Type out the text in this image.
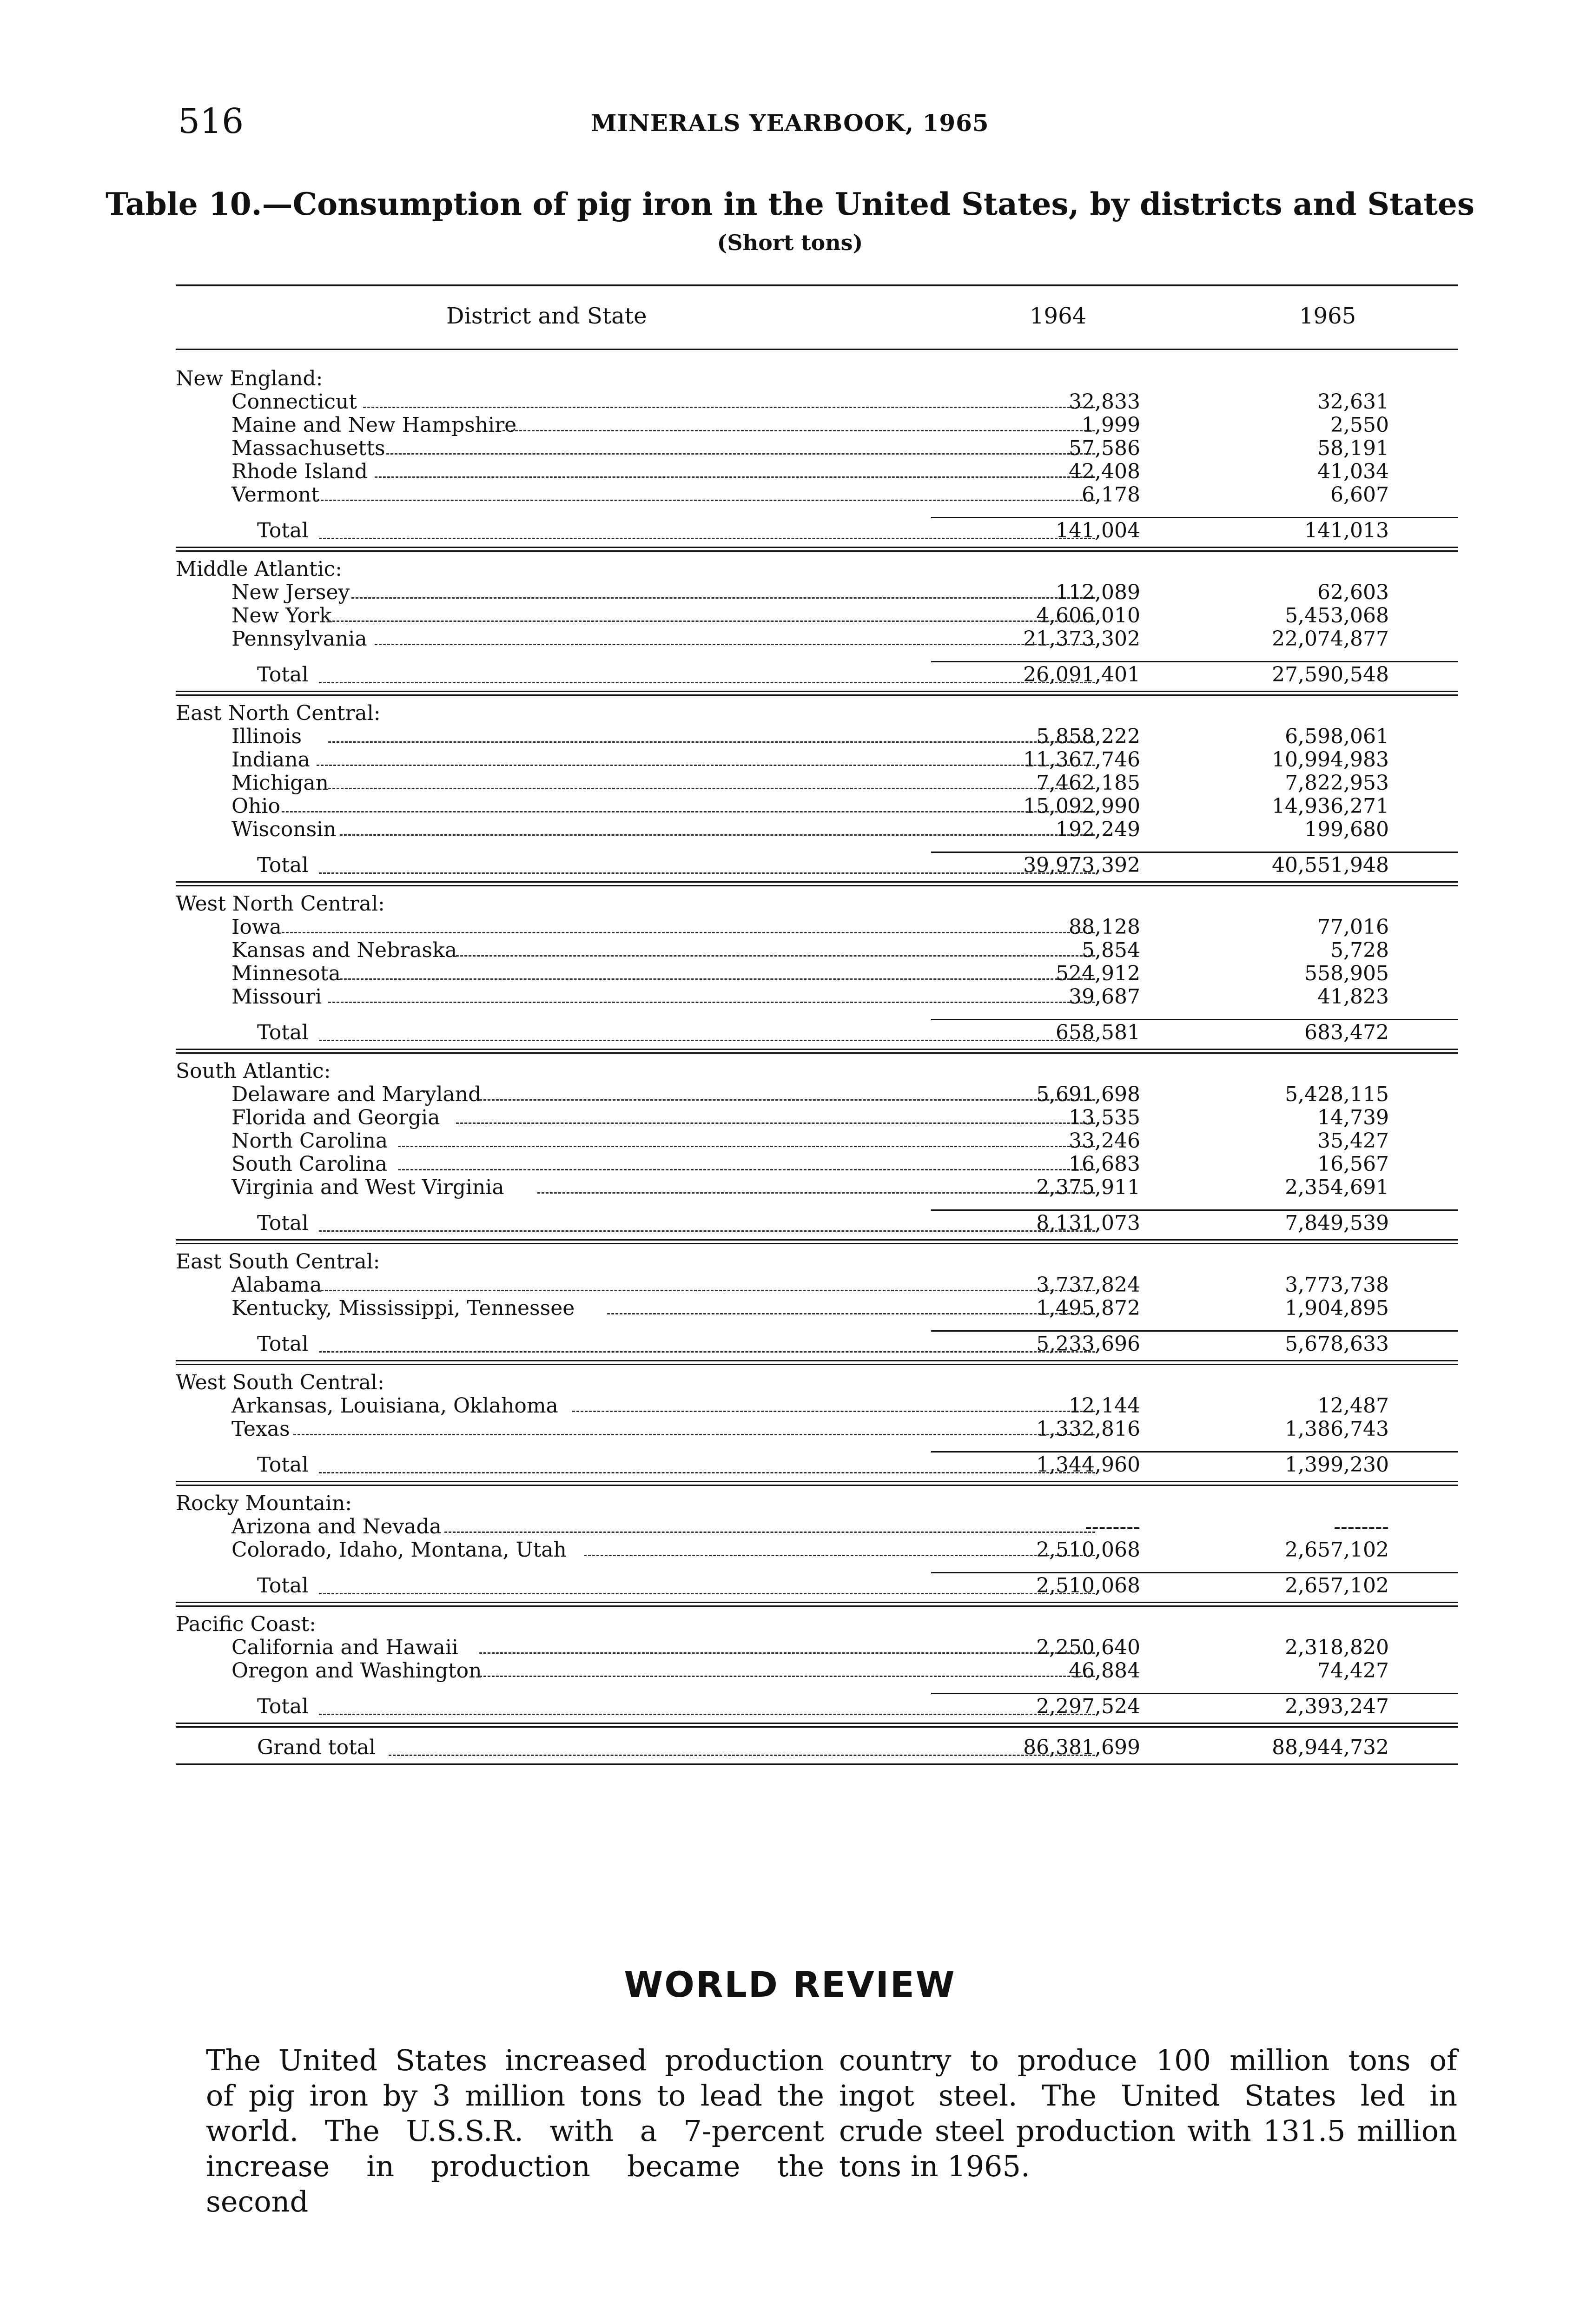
516	MINERALS YEARBOOK, 1965
Table 10.—Consumption of pig iron in the United States, by districts and States
(Short tons)
District and State	1964	1965
New England:
Connecticut	32,833	32,631
Maine and New Hampshire	1,999	2,550
Massachusetts	57,586	58,191
Rhode Island	42,408	41,034
Vermont	6,178	6,607
Total	141,004	141,013
Middle Atlantic:
New Jersey	112,089	62,603
New York	4,606,010	5,453,068
Pennsylvania	21,373,302	22,074,877
Total	26,091,401	27,590,548
East North Central:
Illinois	5,858,222	6,598,061
Indiana	11,367,746	10,994,983
Michigan	7,462,185	7,822,953
Ohio	15,092,990	14,936,271
Wisconsin	192,249	199,680
Total	39,973,392	40,551,948
West North Central:
Iowa	88,128	77,016
Kansas and Nebraska	5,854	5,728
Minnesota	524,912	558,905
Missouri	39,687	41,823
Total	658,581	683,472
South Atlantic:
Delaware and Maryland	5,691,698	5,428,115
Florida and Georgia	13,535	14,739
North Carolina	33,246	35,427
South Carolina	16,683	16,567
Virginia and West Virginia	2,375,911	2,354,691
Total	8,131,073	7,849,539
East South Central:
Alabama	3,737,824	3,773,738
Kentucky, Mississippi, Tennessee	1,495,872	1,904,895
Total	5,233,696	5,678,633
West South Central:
Arkansas, Louisiana, Oklahoma	12,144	12,487
Texas	1,332,816	1,386,743
Total	1,344,960	1,399,230
Rocky Mountain:
Arizona and Nevada	--------	--------
Colorado, Idaho, Montana, Utah	2,510,068	2,657,102
Total	2,510,068	2,657,102
Pacific Coast:
California and Hawaii	2,250,640	2,318,820
Oregon and Washington	46,884	74,427
Total	2,297,524	2,393,247
Grand total	86,381,699	88,944,732
WORLD REVIEW
The United States increased production of pig iron by 3 million tons to lead the world. The U.S.S.R. with a 7-percent increase in production became the second
country to produce 100 million tons of ingot steel. The United States led in crude steel production with 131.5 million tons in 1965.
